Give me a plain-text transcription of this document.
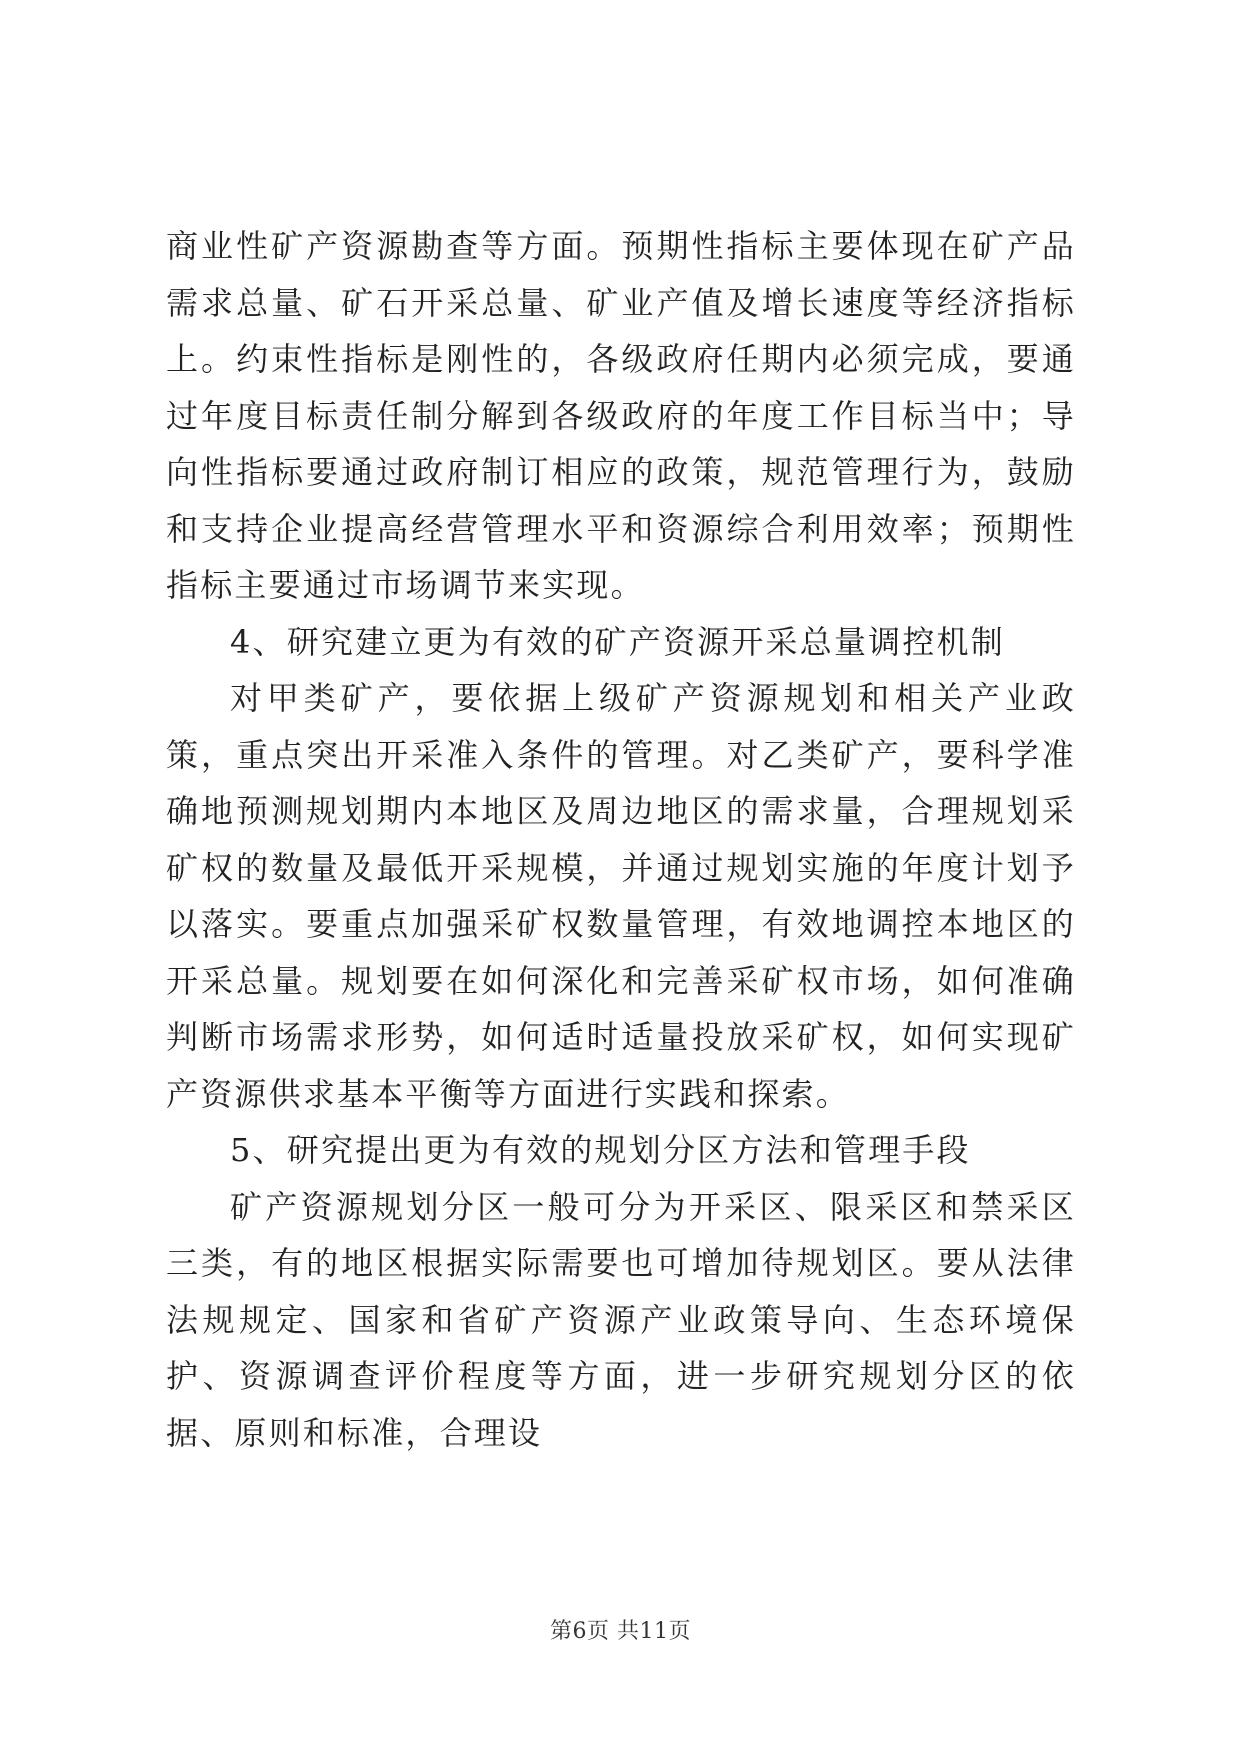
商业性矿产资源勘查等方面。预期性指标主要体现在矿产品需求总量、矿石开采总量、矿业产值及增长速度等经济指标上。约束性指标是刚性的，各级政府任期内必须完成，要通过年度目标责任制分解到各级政府的年度工作目标当中；导向性指标要通过政府制订相应的政策，规范管理行为，鼓励和支持企业提高经营管理水平和资源综合利用效率；预期性指标主要通过市场调节来实现。

4、研究建立更为有效的矿产资源开采总量调控机制

对甲类矿产，要依据上级矿产资源规划和相关产业政策，重点突出开采准入条件的管理。对乙类矿产，要科学准确地预测规划期内本地区及周边地区的需求量，合理规划采矿权的数量及最低开采规模，并通过规划实施的年度计划予以落实。要重点加强采矿权数量管理，有效地调控本地区的开采总量。规划要在如何深化和完善采矿权市场，如何准确判断市场需求形势，如何适时适量投放采矿权，如何实现矿产资源供求基本平衡等方面进行实践和探索。

5、研究提出更为有效的规划分区方法和管理手段

矿产资源规划分区一般可分为开采区、限采区和禁采区三类，有的地区根据实际需要也可增加待规划区。要从法律法规规定、国家和省矿产资源产业政策导向、生态环境保护、资源调查评价程度等方面，进一步研究规划分区的依据、原则和标准，合理设

第6页 共11页
